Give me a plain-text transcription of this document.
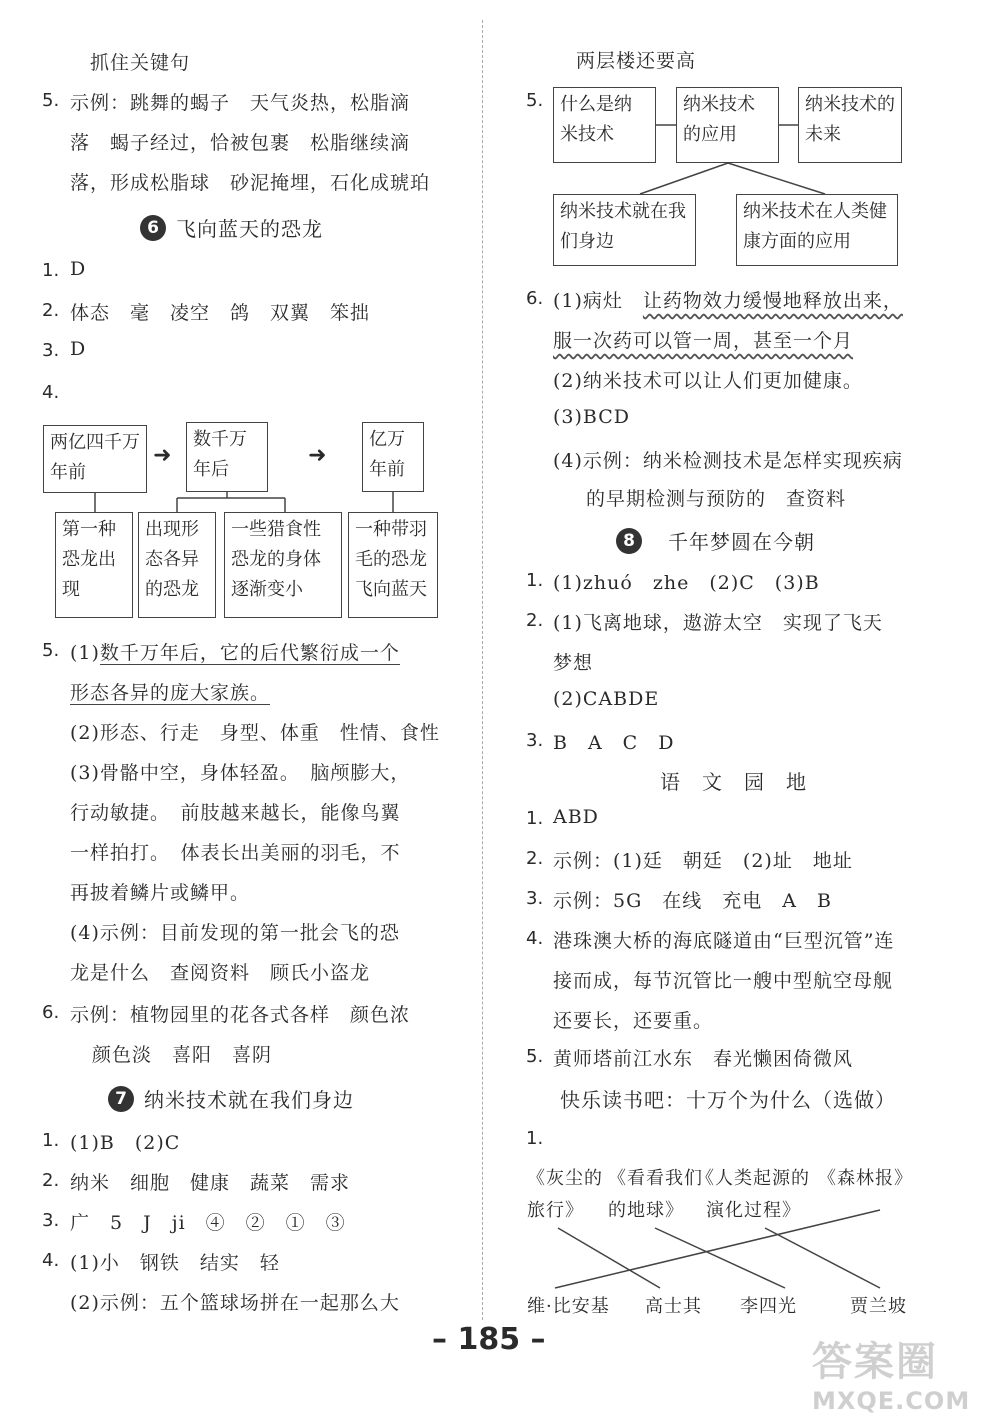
抓住关键句
5. 示例：跳舞的蝎子　天气炎热，松脂滴
落　蝎子经过，恰被包裹　松脂继续滴
落，形成松脂球　砂泥掩埋，石化成琥珀
6 飞向蓝天的恐龙
1. D
2. 体态　毫　凌空　鸽　双翼　笨拙
3. D
4.
两亿四千万年前
➜
数千万年后
➜
亿万年前
第一种恐龙出现
出现形态各异的恐龙
一些猎食性恐龙的身体逐渐变小
一种带羽毛的恐龙飞向蓝天
5. (1)数千万年后，它的后代繁衍成一个
形态各异的庞大家族。
(2)形态、行走　身型、体重　性情、食性
(3)骨骼中空，身体轻盈。　脑颅膨大，
行动敏捷。　前肢越来越长，能像鸟翼
一样拍打。　体表长出美丽的羽毛，不
再披着鳞片或鳞甲。
(4)示例：目前发现的第一批会飞的恐
龙是什么　查阅资料　顾氏小盗龙
6. 示例：植物园里的花各式各样　颜色浓
颜色淡　喜阳　喜阴
7 纳米技术就在我们身边
1. (1)B　(2)C
2. 纳米　细胞　健康　蔬菜　需求
3. 广　5　J　ji　④　②　①　③
4. (1)小　钢铁　结实　轻
(2)示例：五个篮球场拼在一起那么大
两层楼还要高
5. 什么是纳米技术
纳米技术的应用
纳米技术的未来
纳米技术就在我们身边
纳米技术在人类健康方面的应用
6. (1)病灶　让药物效力缓慢地释放出来，
服一次药可以管一周，甚至一个月
(2)纳米技术可以让人们更加健康。
(3)BCD
(4)示例：纳米检测技术是怎样实现疾病
的早期检测与预防的　查资料
8	千年梦圆在今朝
1. (1)zhuó　zhe　(2)C　(3)B
2. (1)飞离地球，遨游太空　实现了飞天
梦想
(2)CABDE
3. B　A　C　D
语　文　园　地
1. ABD
2. 示例：(1)廷　朝廷　(2)址　地址
3. 示例：5G　在线　充电　A　B
4. 港珠澳大桥的海底隧道由“巨型沉管”连
接而成，每节沉管比一艘中型航空母舰
还要长，还要重。
5. 黄师塔前江水东　春光懒困倚微风
快乐读书吧：十万个为什么（选做）
1.
《灰尘的
旅行》
《看看我们
的地球》
《人类起源的
演化过程》
《森林报》
维·比安基 高士其 李四光	贾兰坡
– 185 –	答案圈
MXQE.COM
